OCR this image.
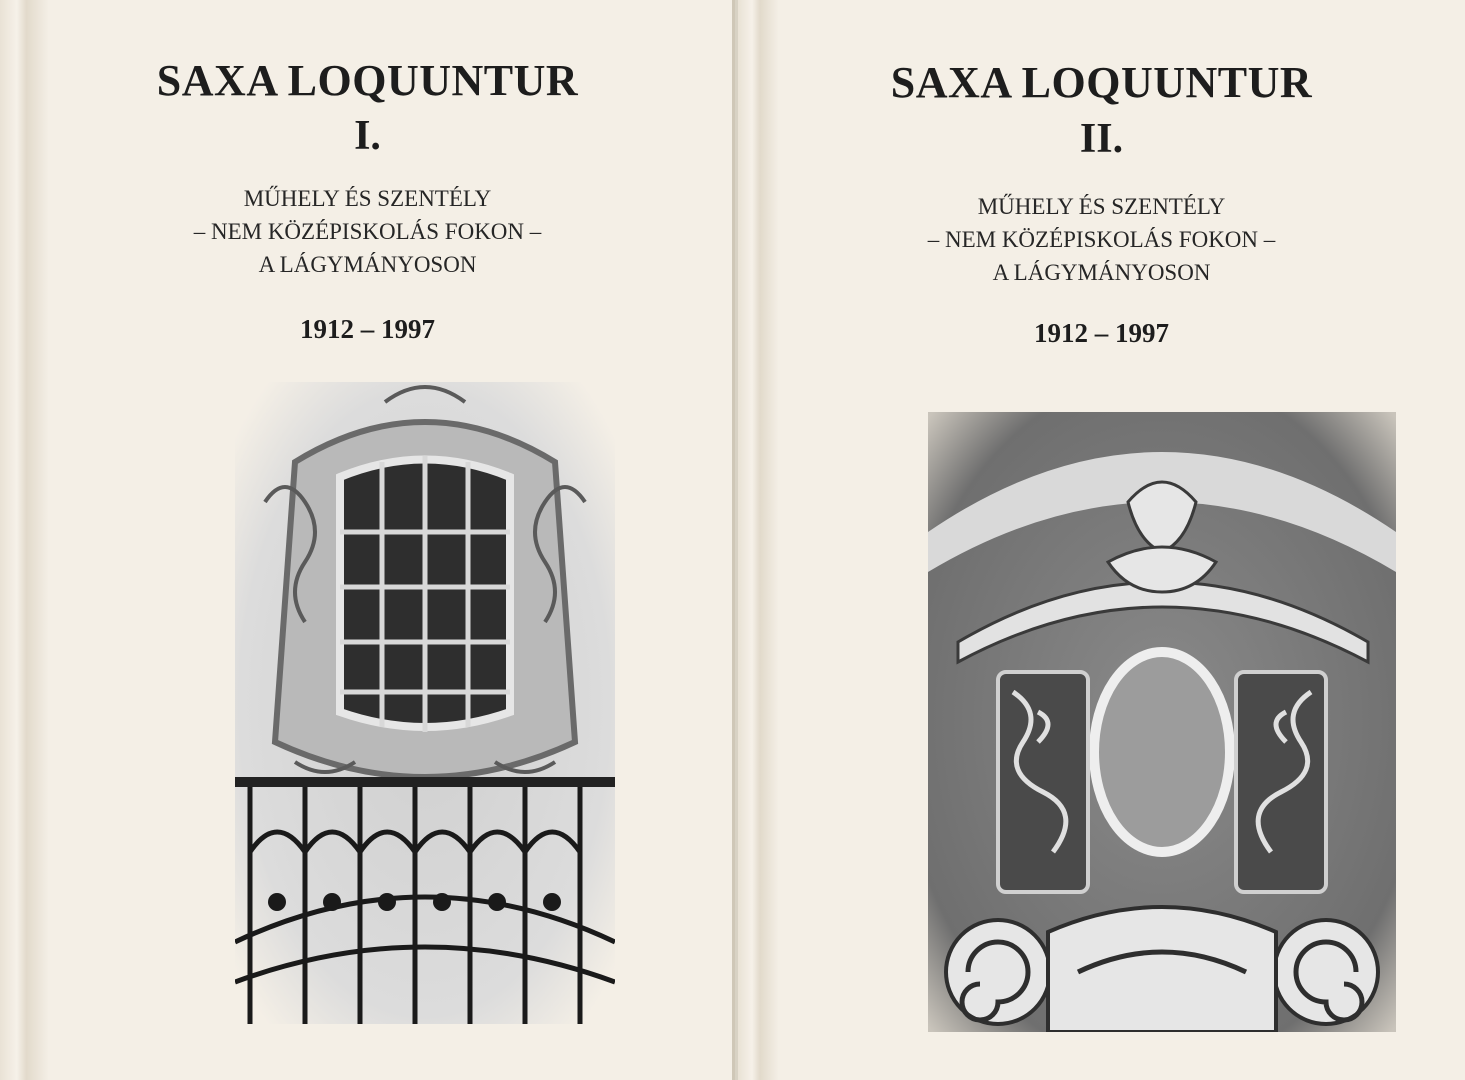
SAXA LOQUUNTUR
I.
MŰHELY ÉS SZENTÉLY
– NEM KÖZÉPISKOLÁS FOKON –
A LÁGYMÁNYOSON
1912 – 1997
SAXA LOQUUNTUR
II.
MŰHELY ÉS SZENTÉLY
– NEM KÖZÉPISKOLÁS FOKON –
A LÁGYMÁNYOSON
1912 – 1997
